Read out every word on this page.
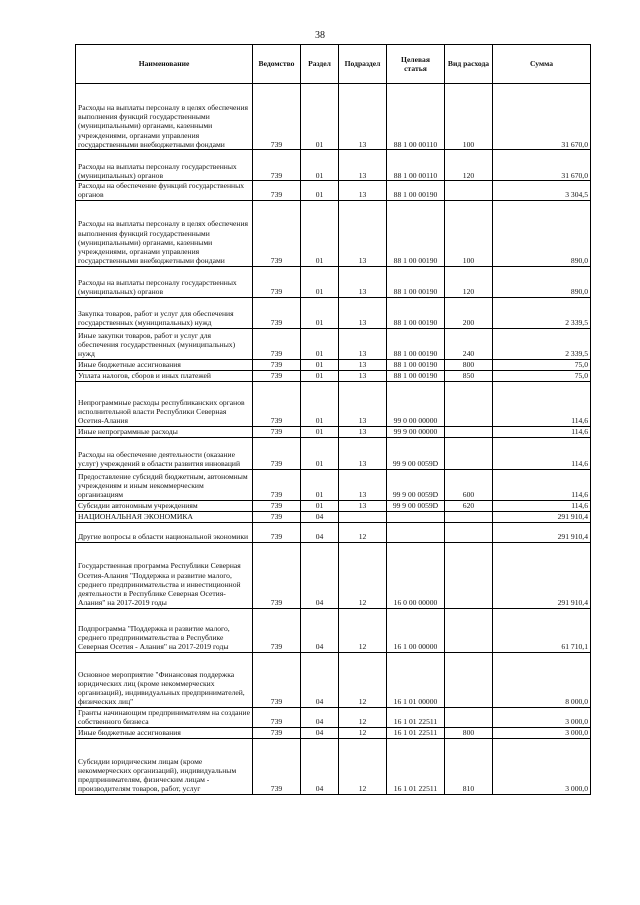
38
Наименование	Ведомство	Раздел	Подраздел	Целевая статья	Вид расхода	Сумма
Расходы на выплаты персоналу в целях обеспечения выполнения функций государственными (муниципальными) органами, казенными учреждениями, органами управления государственными внебюджетными фондами	739	01	13	88 1 00 00110	100	31 670,0
Расходы на выплаты персоналу государственных (муниципальных) органов	739	01	13	88 1 00 00110	120	31 670,0
Расходы на обеспечение функций государственных органов	739	01	13	88 1 00 00190		3 304,5
Расходы на выплаты персоналу в целях обеспечения выполнения функций государственными (муниципальными) органами, казенными учреждениями, органами управления государственными внебюджетными фондами	739	01	13	88 1 00 00190	100	890,0
Расходы на выплаты персоналу государственных (муниципальных) органов	739	01	13	88 1 00 00190	120	890,0
Закупка товаров, работ и услуг для обеспечения государственных (муниципальных) нужд	739	01	13	88 1 00 00190	200	2 339,5
Иные закупки товаров, работ и услуг для обеспечения государственных (муниципальных) нужд	739	01	13	88 1 00 00190	240	2 339,5
Иные бюджетные ассигнования	739	01	13	88 1 00 00190	800	75,0
Уплата налогов, сборов и иных платежей	739	01	13	88 1 00 00190	850	75,0
Непрограммные расходы республиканских органов исполнительной власти Республики Северная Осетия-Алания	739	01	13	99 0 00 00000		114,6
Иные непрограммные расходы	739	01	13	99 9 00 00000		114,6
Расходы на обеспечение деятельности (оказание услуг) учреждений в области развития инноваций	739	01	13	99 9 00 0059D		114,6
Предоставление субсидий бюджетным, автономным учреждениям и иным некоммерческим организациям	739	01	13	99 9 00 0059D	600	114,6
Субсидии автономным учреждениям	739	01	13	99 9 00 0059D	620	114,6
НАЦИОНАЛЬНАЯ ЭКОНОМИКА	739	04				291 910,4
Другие вопросы в области национальной экономики	739	04	12			291 910,4
Государственная программа Республики Северная Осетия-Алания "Поддержка и развитие малого, среднего предпринимательства и инвестиционной деятельности в Республике Северная Осетия-Алания" на 2017-2019 годы	739	04	12	16 0 00 00000		291 910,4
Подпрограмма "Поддержка и развитие малого, среднего предпринимательства в Республике Северная Осетия - Алания" на 2017-2019 годы	739	04	12	16 1 00 00000		61 710,1
Основное мероприятие "Финансовая поддержка юридических лиц (кроме некоммерческих организаций), индивидуальных предпринимателей, физических лиц"	739	04	12	16 1 01 00000		8 000,0
Гранты начинающим предпринимателям на создание собственного бизнеса	739	04	12	16 1 01 22511		3 000,0
Иные бюджетные ассигнования	739	04	12	16 1 01 22511	800	3 000,0
Субсидии юридическим лицам (кроме некоммерческих организаций), индивидуальным предпринимателям, физическим лицам - производителям товаров, работ, услуг	739	04	12	16 1 01 22511	810	3 000,0
